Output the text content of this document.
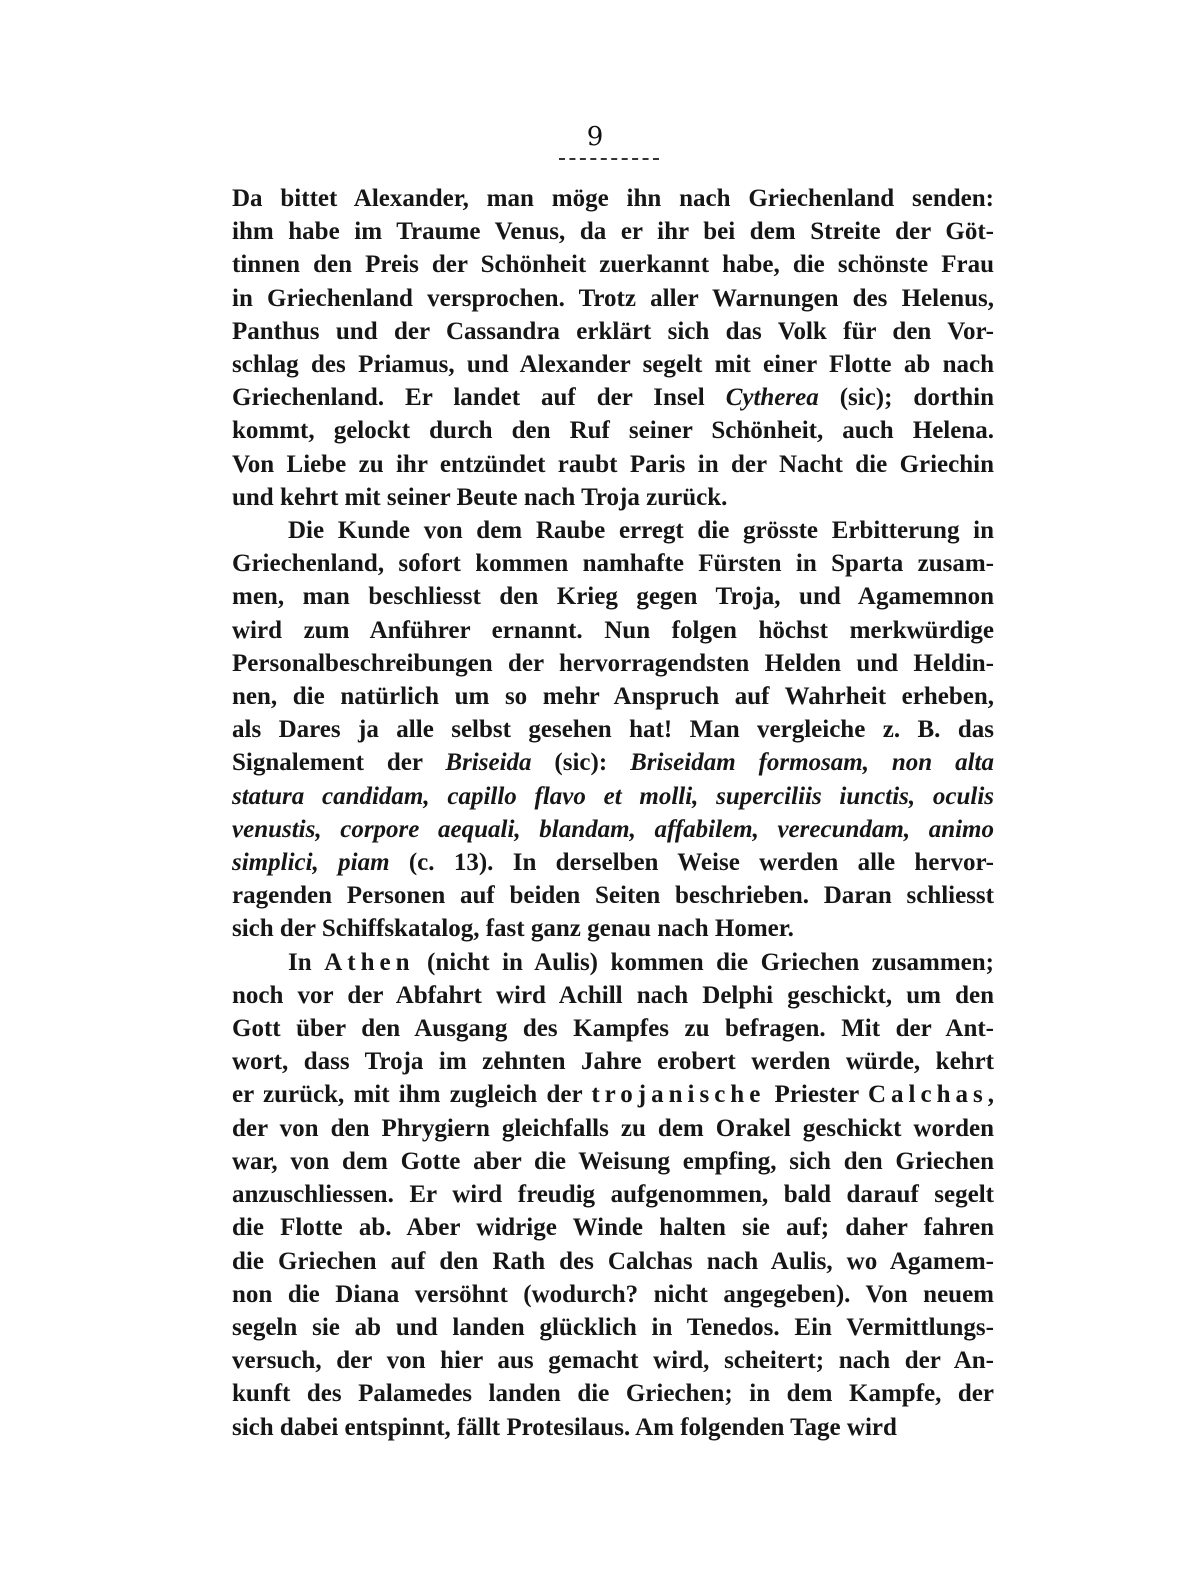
9

Da bittet Alexander, man möge ihn nach Griechenland senden:

ihm habe im Traume Venus, da er ihr bei dem Streite der Göt-

tinnen den Preis der Schönheit zuerkannt habe, die schönste Frau

in Griechenland versprochen. Trotz aller Warnungen des Helenus,

Panthus und der Cassandra erklärt sich das Volk für den Vor-

schlag des Priamus, und Alexander segelt mit einer Flotte ab nach

Griechenland. Er landet auf der Insel Cytherea (sic); dorthin

kommt, gelockt durch den Ruf seiner Schönheit, auch Helena.

Von Liebe zu ihr entzündet raubt Paris in der Nacht die Griechin

und kehrt mit seiner Beute nach Troja zurück.

Die Kunde von dem Raube erregt die grösste Erbitterung in

Griechenland, sofort kommen namhafte Fürsten in Sparta zusam-

men, man beschliesst den Krieg gegen Troja, und Agamemnon

wird zum Anführer ernannt. Nun folgen höchst merkwürdige

Personalbeschreibungen der hervorragendsten Helden und Heldin-

nen, die natürlich um so mehr Anspruch auf Wahrheit erheben,

als Dares ja alle selbst gesehen hat! Man vergleiche z. B. das

Signalement der Briseida (sic): Briseidam formosam, non alta

statura candidam, capillo flavo et molli, superciliis iunctis, oculis

venustis, corpore aequali, blandam, affabilem, verecundam, animo

simplici, piam (c. 13). In derselben Weise werden alle hervor-

ragenden Personen auf beiden Seiten beschrieben. Daran schliesst

sich der Schiffskatalog, fast ganz genau nach Homer.

In Athen (nicht in Aulis) kommen die Griechen zusammen;

noch vor der Abfahrt wird Achill nach Delphi geschickt, um den

Gott über den Ausgang des Kampfes zu befragen. Mit der Ant-

wort, dass Troja im zehnten Jahre erobert werden würde, kehrt

er zurück, mit ihm zugleich der trojanische Priester Calchas,

der von den Phrygiern gleichfalls zu dem Orakel geschickt worden

war, von dem Gotte aber die Weisung empfing, sich den Griechen

anzuschliessen. Er wird freudig aufgenommen, bald darauf segelt

die Flotte ab. Aber widrige Winde halten sie auf; daher fahren

die Griechen auf den Rath des Calchas nach Aulis, wo Agamem-

non die Diana versöhnt (wodurch? nicht angegeben). Von neuem

segeln sie ab und landen glücklich in Tenedos. Ein Vermittlungs-

versuch, der von hier aus gemacht wird, scheitert; nach der An-

kunft des Palamedes landen die Griechen; in dem Kampfe, der

sich dabei entspinnt, fällt Protesilaus. Am folgenden Tage wird
